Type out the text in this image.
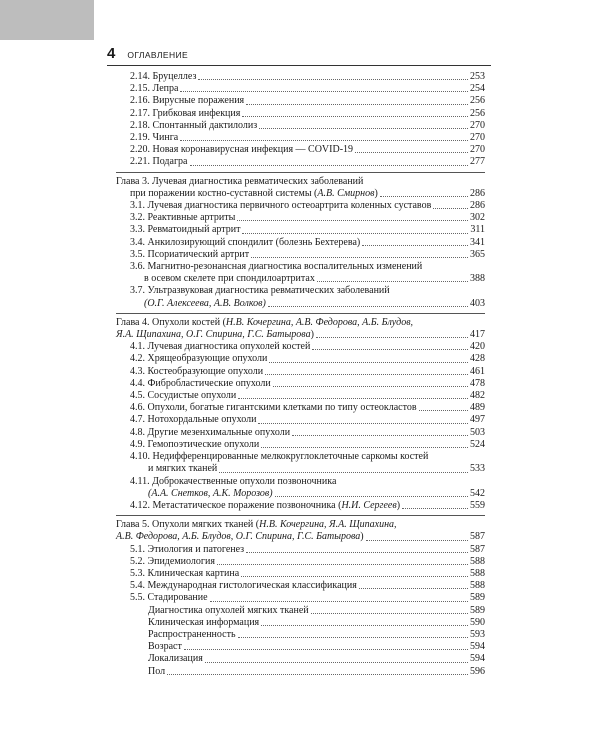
4 ОГЛАВЛЕНИЕ
2.14. Бруцеллез	253
2.15. Лепра	254
2.16. Вирусные поражения	256
2.17. Грибковая инфекция	256
2.18. Спонтанный дактилолиз	270
2.19. Чинга	270
2.20. Новая коронавирусная инфекция — COVID-19	270
2.21. Подагра	277
Глава 3. Лучевая диагностика ревматических заболеваний
при поражении костно-суставной системы (А.В. Смирнов)	286
3.1. Лучевая диагностика первичного остеоартрита коленных суставов	286
3.2. Реактивные артриты	302
3.3. Ревматоидный артрит	311
3.4. Анкилозирующий спондилит (болезнь Бехтерева)	341
3.5. Псориатический артрит	365
3.6. Магнитно-резонансная диагностика воспалительных изменений
в осевом скелете при спондилоартритах	388
3.7. Ультразвуковая диагностика ревматических заболеваний
(О.Г. Алексеева, А.В. Волков)	403
Глава 4. Опухоли костей (Н.В. Кочергина, А.В. Федорова, А.Б. Блудов,
Я.А. Щипахина, О.Г. Спирина, Г.С. Батырова)	417
4.1. Лучевая диагностика опухолей костей	420
4.2. Хрящеобразующие опухоли	428
4.3. Костеобразующие опухоли	461
4.4. Фибробластические опухоли	478
4.5. Сосудистые опухоли	482
4.6. Опухоли, богатые гигантскими клетками по типу остеокластов	489
4.7. Нотохордальные опухоли	497
4.8. Другие мезенхимальные опухоли	503
4.9. Гемопоэтические опухоли	524
4.10. Недифференцированные мелкокруглоклеточные саркомы костей
и мягких тканей	533
4.11. Доброкачественные опухоли позвоночника
(А.А. Снетков, А.К. Морозов)	542
4.12. Метастатическое поражение позвоночника (Н.И. Сергеев)	559
Глава 5. Опухоли мягких тканей (Н.В. Кочергина, Я.А. Щипахина,
А.В. Федорова, А.Б. Блудов, О.Г. Спирина, Г.С. Батырова)	587
5.1. Этиология и патогенез	587
5.2. Эпидемиология	588
5.3. Клиническая картина	588
5.4. Международная гистологическая классификация	588
5.5. Стадирование	589
Диагностика опухолей мягких тканей	589
Клиническая информация	590
Распространенность	593
Возраст	594
Локализация	594
Пол	596
